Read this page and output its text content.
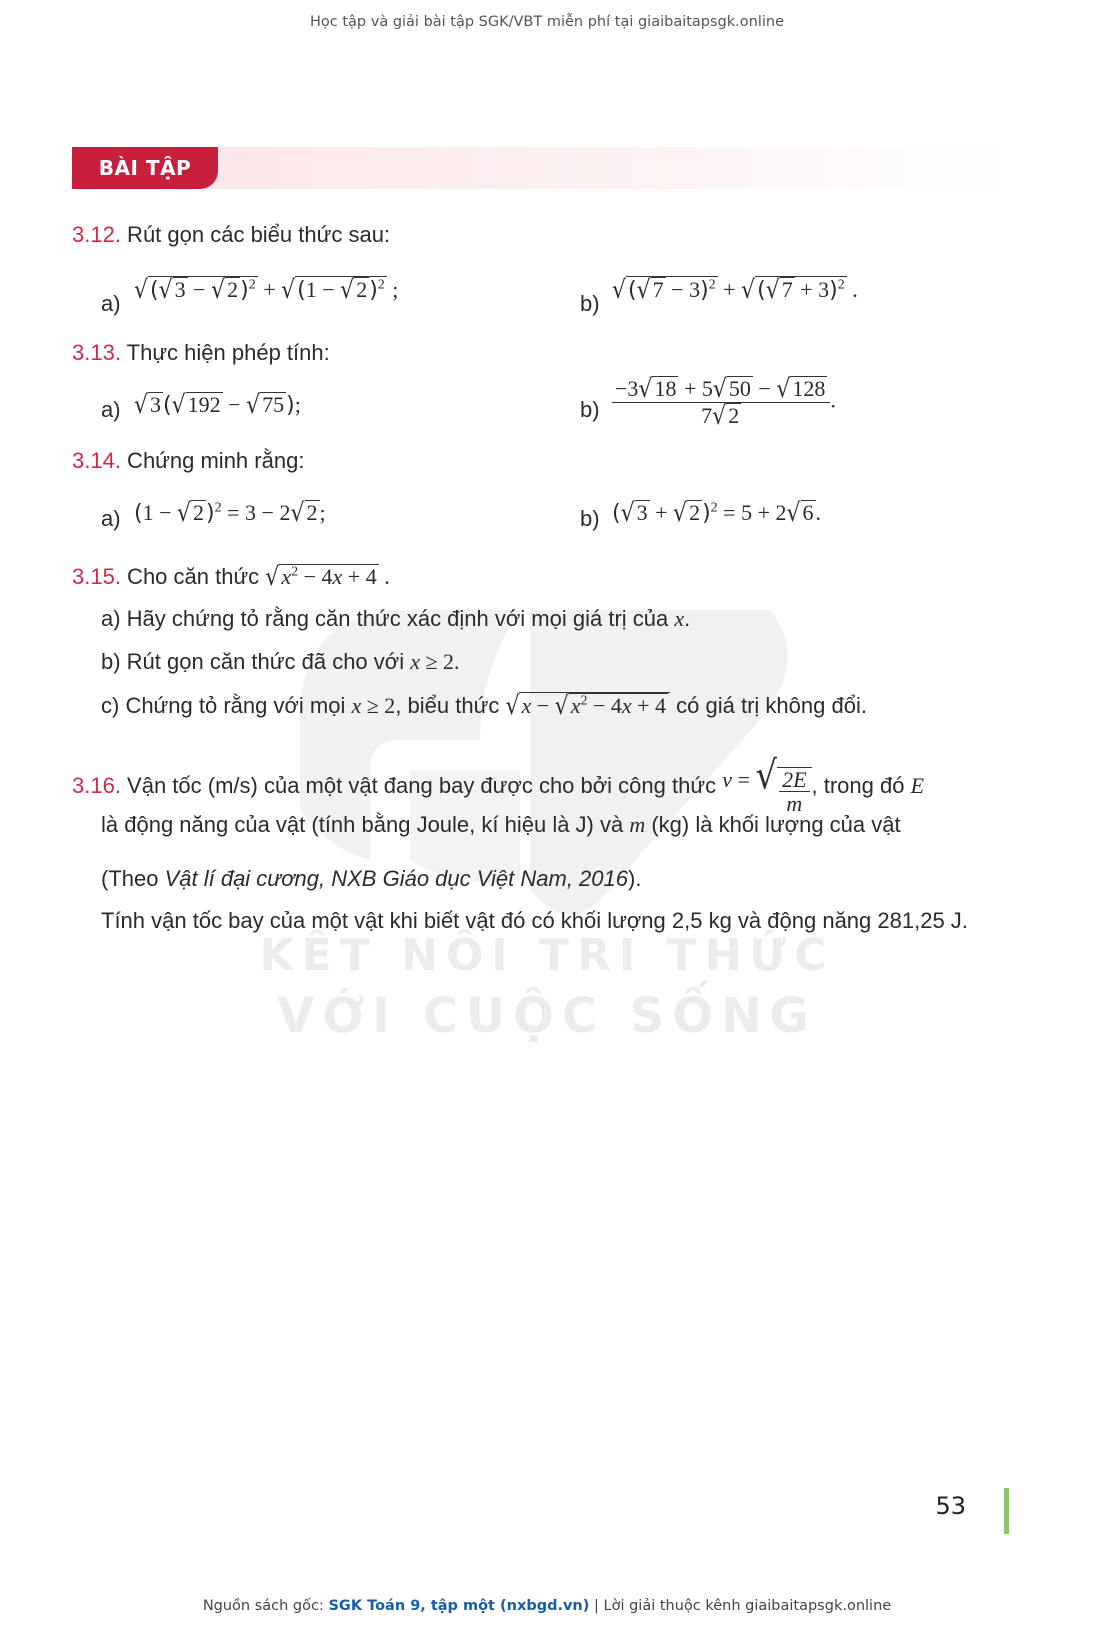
Học tập và giải bài tập SGK/VBT miễn phí tại giaibaitapsgk.online
KẾT NỐI TRI THỨC
VỚI CUỘC SỐNG
BÀI TẬP
3.12. Rút gọn các biểu thức sau:
a) $√(√3 - √2)^2 + √(1 - √2)^2$ ;
b) $√(√7 - 3)^2 + √(√7 + 3)^2$ .
3.13. Thực hiện phép tính:
a) √3(√192 − √75);	$b) \frac{-3√18 + 5√50 - √128}{7√2}$ .
3.14. Chứng minh rằng:
a) $(1 - √2)^2 = 3 - 2√2$;	b) $(√3 + √2)^2 = 5 + 2√6$.
3.15. Cho căn thức $√x^2 - 4x + 4$ .
a) Hãy chứng tỏ rằng căn thức xác định với mọi giá trị của x.
b) Rút gọn căn thức đã cho với x ≥ 2.
c) Chứng tỏ rằng với mọi x ≥ 2, biểu thức $√x - √x^2 - 4x + 4$ có giá trị không đổi.
3.16. Vận tốc (m/s) của một vật đang bay được cho bởi công thức v = √ $\frac{2E}{m}$ , trong đó E
là động năng của vật (tính bằng Joule, kí hiệu là J) và m (kg) là khối lượng của vật
(Theo Vật lí đại cương, NXB Giáo dục Việt Nam, 2016).
Tính vận tốc bay của một vật khi biết vật đó có khối lượng 2,5 kg và động năng 281,25 J.
53
Nguồn sách gốc: SGK Toán 9, tập một (nxbgd.vn) | Lời giải thuộc kênh giaibaitapsgk.online
